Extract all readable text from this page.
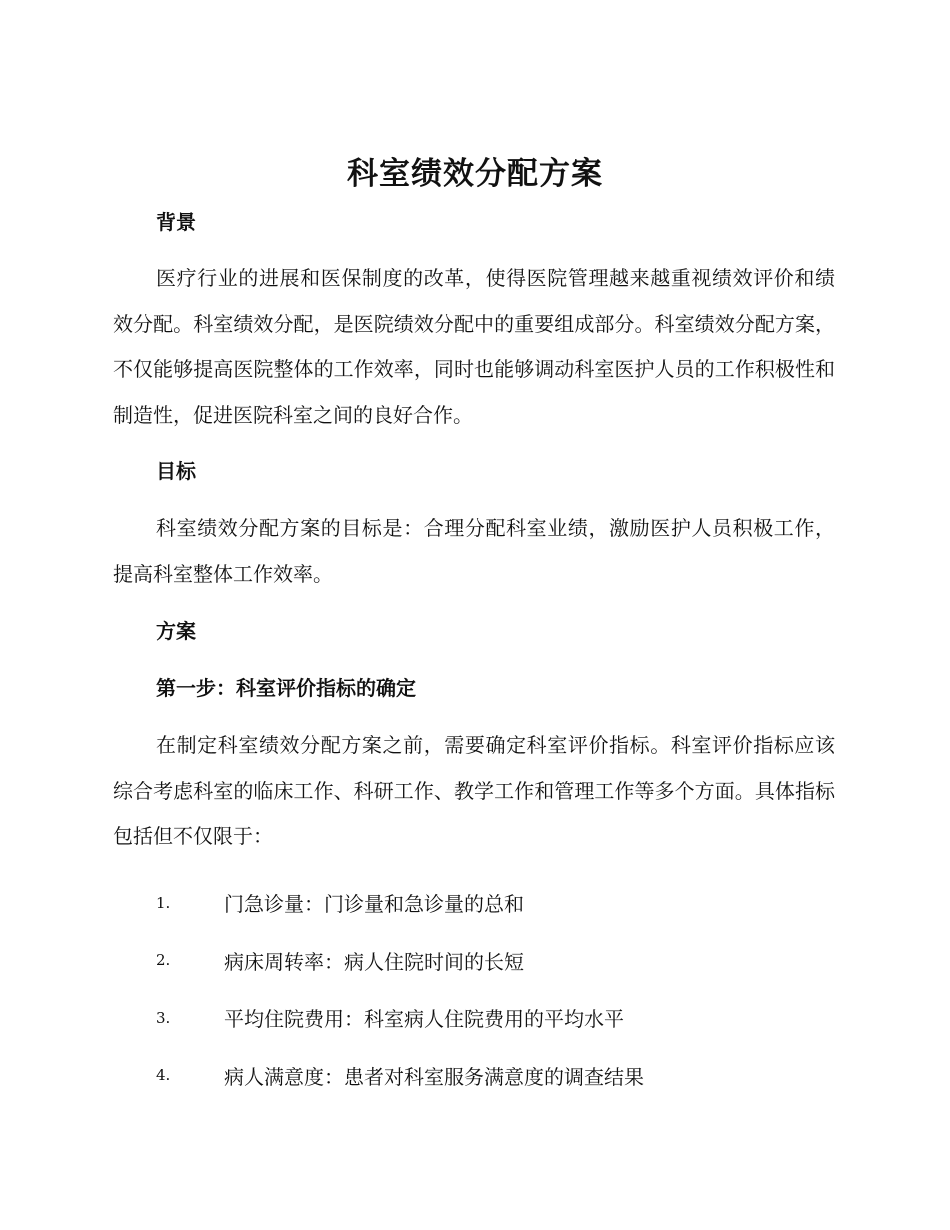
科室绩效分配方案
背景

医疗行业的进展和医保制度的改革，使得医院管理越来越重视绩效评价和绩效分配。科室绩效分配，是医院绩效分配中的重要组成部分。科室绩效分配方案，不仅能够提高医院整体的工作效率，同时也能够调动科室医护人员的工作积极性和制造性，促进医院科室之间的良好合作。

目标

科室绩效分配方案的目标是：合理分配科室业绩，激励医护人员积极工作，提高科室整体工作效率。

方案
第一步：科室评价指标的确定

在制定科室绩效分配方案之前，需要确定科室评价指标。科室评价指标应该综合考虑科室的临床工作、科研工作、教学工作和管理工作等多个方面。具体指标包括但不仅限于：

1.	门急诊量：门诊量和急诊量的总和
2.	病床周转率：病人住院时间的长短
3.	平均住院费用：科室病人住院费用的平均水平
4.	病人满意度：患者对科室服务满意度的调查结果
